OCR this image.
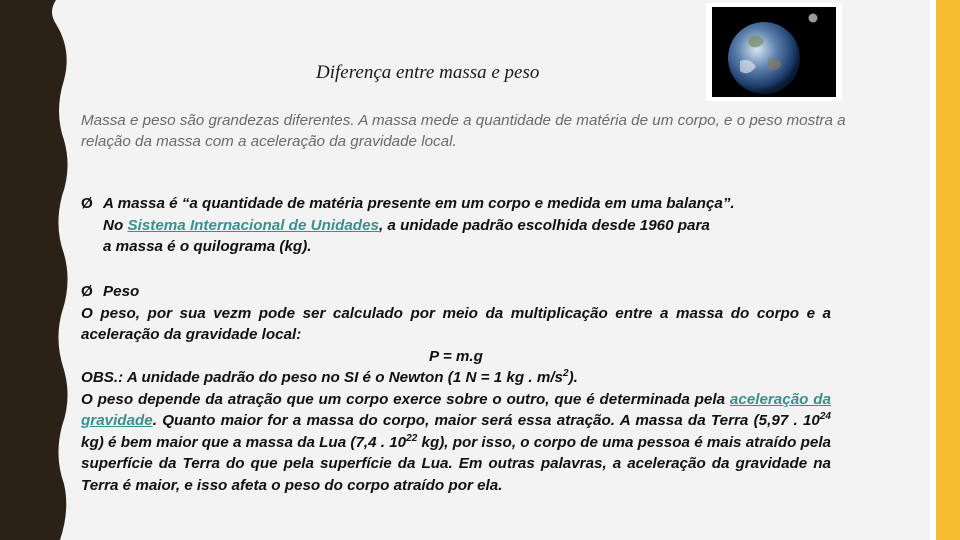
Diferença entre massa e peso
Massa e peso são grandezas diferentes. A massa mede a quantidade de matéria de um corpo, e o peso mostra a relação da massa com a aceleração da gravidade local.
Ø A massa é “a quantidade de matéria presente em um corpo e medida em uma balança”.
No Sistema Internacional de Unidades, a unidade padrão escolhida desde 1960 para
a massa é o quilograma (kg).
Ø Peso
O peso, por sua vezm pode ser calculado por meio da multiplicação entre a massa do corpo e a aceleração da gravidade local:
P = m.g
OBS.: A unidade padrão do peso no SI é o Newton (1 N = 1 kg . $m/s^2$).
O peso depende da atração que um corpo exerce sobre o outro, que é determinada pela aceleração da gravidade. Quanto maior for a massa do corpo, maior será essa atração. A massa da Terra (5,97 . $10^{24}$ kg) é bem maior que a massa da Lua (7,4 . $10^{22}$ kg), por isso, o corpo de uma pessoa é mais atraído pela superfície da Terra do que pela superfície da Lua. Em outras palavras, a aceleração da gravidade na Terra é maior, e isso afeta o peso do corpo atraído por ela.
